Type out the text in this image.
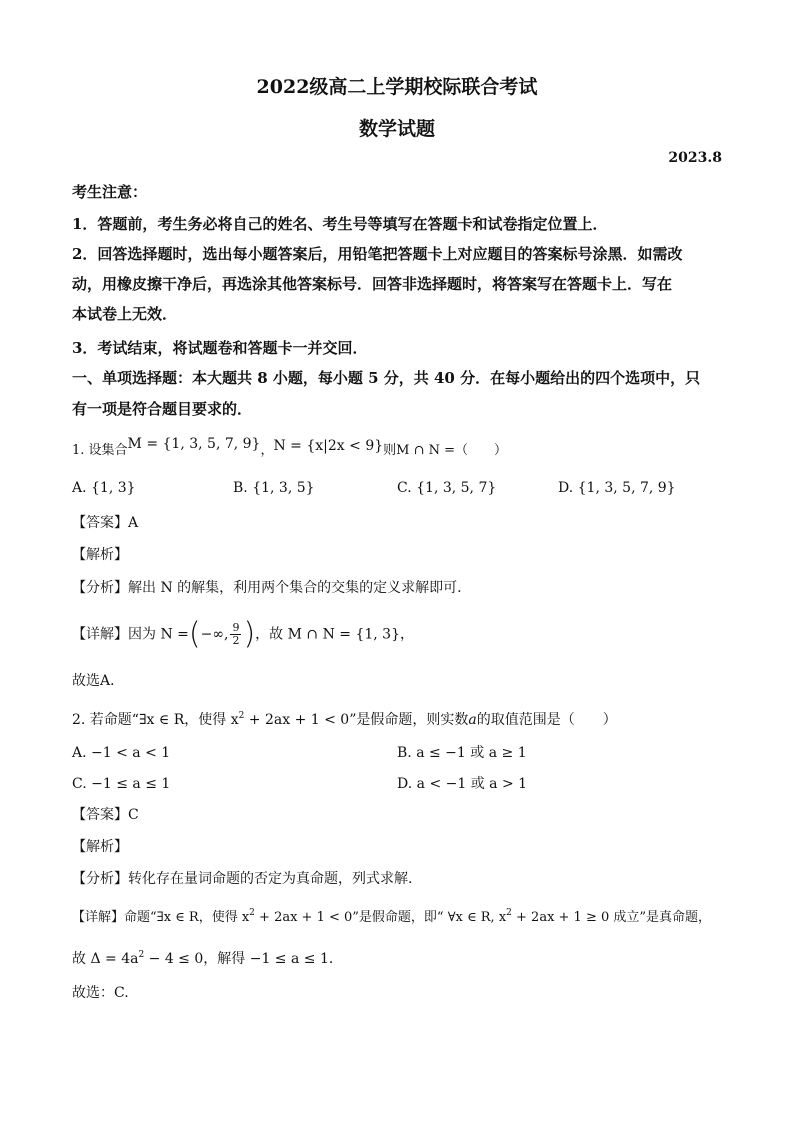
2022级高二上学期校际联合考试
数学试题
2023.8
考生注意：
1．答题前，考生务必将自己的姓名、考生号等填写在答题卡和试卷指定位置上．
2．回答选择题时，选出每小题答案后，用铅笔把答题卡上对应题目的答案标号涂黑．如需改
动，用橡皮擦干净后，再选涂其他答案标号．回答非选择题时，将答案写在答题卡上．写在
本试卷上无效．
3．考试结束，将试题卷和答题卡一并交回．
一、单项选择题：本大题共 8 小题，每小题 5 分，共 40 分．在每小题给出的四个选项中，只
有一项是符合题目要求的．
1. 设集合M = {1, 3, 5, 7, 9}，N = {x|2x < 9}则M ∩ N =（　　）
A. {1, 3}	B. {1, 3, 5}	C. {1, 3, 5, 7}	D. {1, 3, 5, 7, 9}
【答案】A
【解析】
【分析】解出 N 的解集，利用两个集合的交集的定义求解即可.
【详解】因为 N =(−∞, $\frac{9}{2}$ )，故 M ∩ N = {1, 3}，
故选A．
2. 若命题“∃x ∈ R，使得 $x^2 + 2ax + 1 < 0$”是假命题，则实数a的取值范围是（　　）
A. −1 < a < 1	B. a ≤ −1 或 a ≥ 1
C. −1 ≤ a ≤ 1	D. a < −1 或 a > 1
【答案】C
【解析】
【分析】转化存在量词命题的否定为真命题，列式求解.
【详解】命题“∃x ∈ R，使得 $x^2 + 2ax + 1 < 0$”是假命题，即“ ∀x ∈ R, $x^2 + 2ax + 1 \ge 0$ 成立”是真命题，
故 $\Delta = 4a^2 - 4 \le 0$，解得 −1 ≤ a ≤ 1．
故选：C.
